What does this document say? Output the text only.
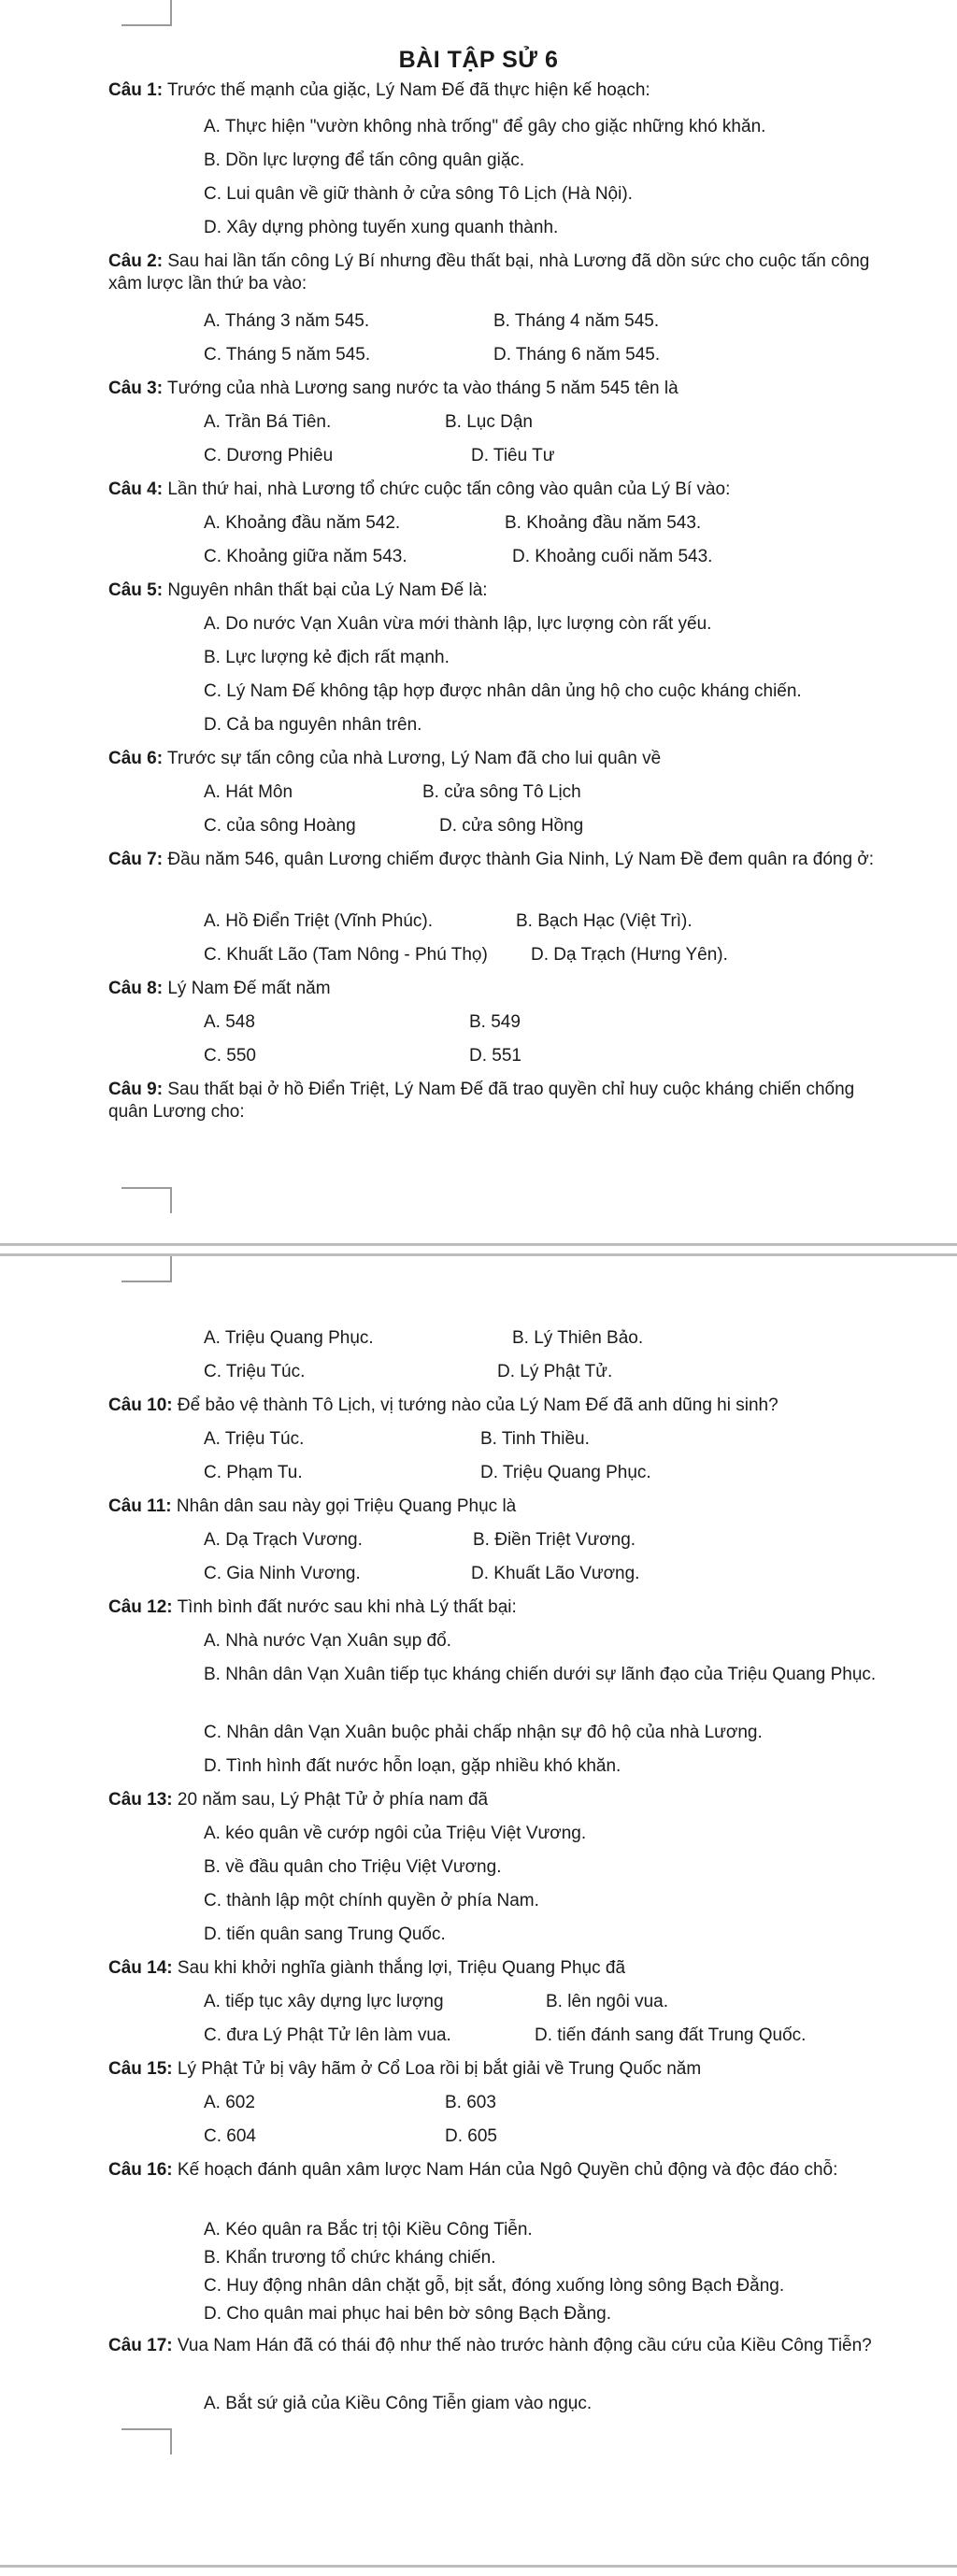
BÀI TẬP SỬ 6
Câu 1: Trước thế mạnh của giặc, Lý Nam Đế đã thực hiện kế hoạch:
A. Thực hiện "vườn không nhà trống" để gây cho giặc những khó khăn.
B. Dồn lực lượng để tấn công quân giặc.
C. Lui quân về giữ thành ở cửa sông Tô Lịch (Hà Nội).
D. Xây dựng phòng tuyến xung quanh thành.
Câu 2: Sau hai lần tấn công Lý Bí nhưng đều thất bại, nhà Lương đã dồn sức cho cuộc tấn công xâm lược lần thứ ba vào:
A. Tháng 3 năm 545.	B. Tháng 4 năm 545.
C. Tháng 5 năm 545.	D. Tháng 6 năm 545.
Câu 3: Tướng của nhà Lương sang nước ta vào tháng 5 năm 545 tên là
A. Trần Bá Tiên.	B. Lục Dận
C. Dương Phiêu	D. Tiêu Tư
Câu 4: Lần thứ hai, nhà Lương tổ chức cuộc tấn công vào quân của Lý Bí vào:
A. Khoảng đầu năm 542.	B. Khoảng đầu năm 543.
C. Khoảng giữa năm 543.	D. Khoảng cuối năm 543.
Câu 5: Nguyên nhân thất bại của Lý Nam Đế là:
A. Do nước Vạn Xuân vừa mới thành lập, lực lượng còn rất yếu.
B. Lực lượng kẻ địch rất mạnh.
C. Lý Nam Đế không tập hợp được nhân dân ủng hộ cho cuộc kháng chiến.
D. Cả ba nguyên nhân trên.
Câu 6: Trước sự tấn công của nhà Lương, Lý Nam đã cho lui quân về
A. Hát Môn	B. cửa sông Tô Lịch
C. của sông Hoàng	D. cửa sông Hồng
Câu 7: Đầu năm 546, quân Lương chiếm được thành Gia Ninh, Lý Nam Đề đem quân ra đóng ở:
A. Hồ Điển Triệt (Vĩnh Phúc).	B. Bạch Hạc (Việt Trì).
C. Khuất Lão (Tam Nông - Phú Thọ) D. Dạ Trạch (Hưng Yên).
Câu 8: Lý Nam Đế mất năm
A. 548	B. 549
C. 550	D. 551
Câu 9: Sau thất bại ở hồ Điển Triệt, Lý Nam Đế đã trao quyền chỉ huy cuộc kháng chiến chống quân Lương cho:
A. Triệu Quang Phục.	B. Lý Thiên Bảo.
C. Triệu Túc.	D. Lý Phật Tử.
Câu 10: Để bảo vệ thành Tô Lịch, vị tướng nào của Lý Nam Đế đã anh dũng hi sinh?
A. Triệu Túc.	B. Tinh Thiều.
C. Phạm Tu.	D. Triệu Quang Phục.
Câu 11: Nhân dân sau này gọi Triệu Quang Phục là
A. Dạ Trạch Vương.	B. Điền Triệt Vương.
C. Gia Ninh Vương.	D. Khuất Lão Vương.
Câu 12: Tình bình đất nước sau khi nhà Lý thất bại:
A. Nhà nước Vạn Xuân sụp đổ.
B. Nhân dân Vạn Xuân tiếp tục kháng chiến dưới sự lãnh đạo của Triệu Quang Phục.
C. Nhân dân Vạn Xuân buộc phải chấp nhận sự đô hộ của nhà Lương.
D. Tình hình đất nước hỗn loạn, gặp nhiều khó khăn.
Câu 13: 20 năm sau, Lý Phật Tử ở phía nam đã
A. kéo quân về cướp ngôi của Triệu Việt Vương.
B. về đầu quân cho Triệu Việt Vương.
C. thành lập một chính quyền ở phía Nam.
D. tiến quân sang Trung Quốc.
Câu 14: Sau khi khởi nghĩa giành thắng lợi, Triệu Quang Phục đã
A. tiếp tục xây dựng lực lượng	B. lên ngôi vua.
C. đưa Lý Phật Tử lên làm vua.	D. tiến đánh sang đất Trung Quốc.
Câu 15: Lý Phật Tử bị vây hãm ở Cổ Loa rồi bị bắt giải về Trung Quốc năm
A. 602	B. 603
C. 604	D. 605
Câu 16: Kế hoạch đánh quân xâm lược Nam Hán của Ngô Quyền chủ động và độc đáo chỗ:
A. Kéo quân ra Bắc trị tội Kiều Công Tiễn.
B. Khẩn trương tổ chức kháng chiến.
C. Huy động nhân dân chặt gỗ, bịt sắt, đóng xuống lòng sông Bạch Đằng.
D. Cho quân mai phục hai bên bờ sông Bạch Đằng.
Câu 17: Vua Nam Hán đã có thái độ như thế nào trước hành động cầu cứu của Kiều Công Tiễn?
A. Bắt sứ giả của Kiều Công Tiễn giam vào ngục.
